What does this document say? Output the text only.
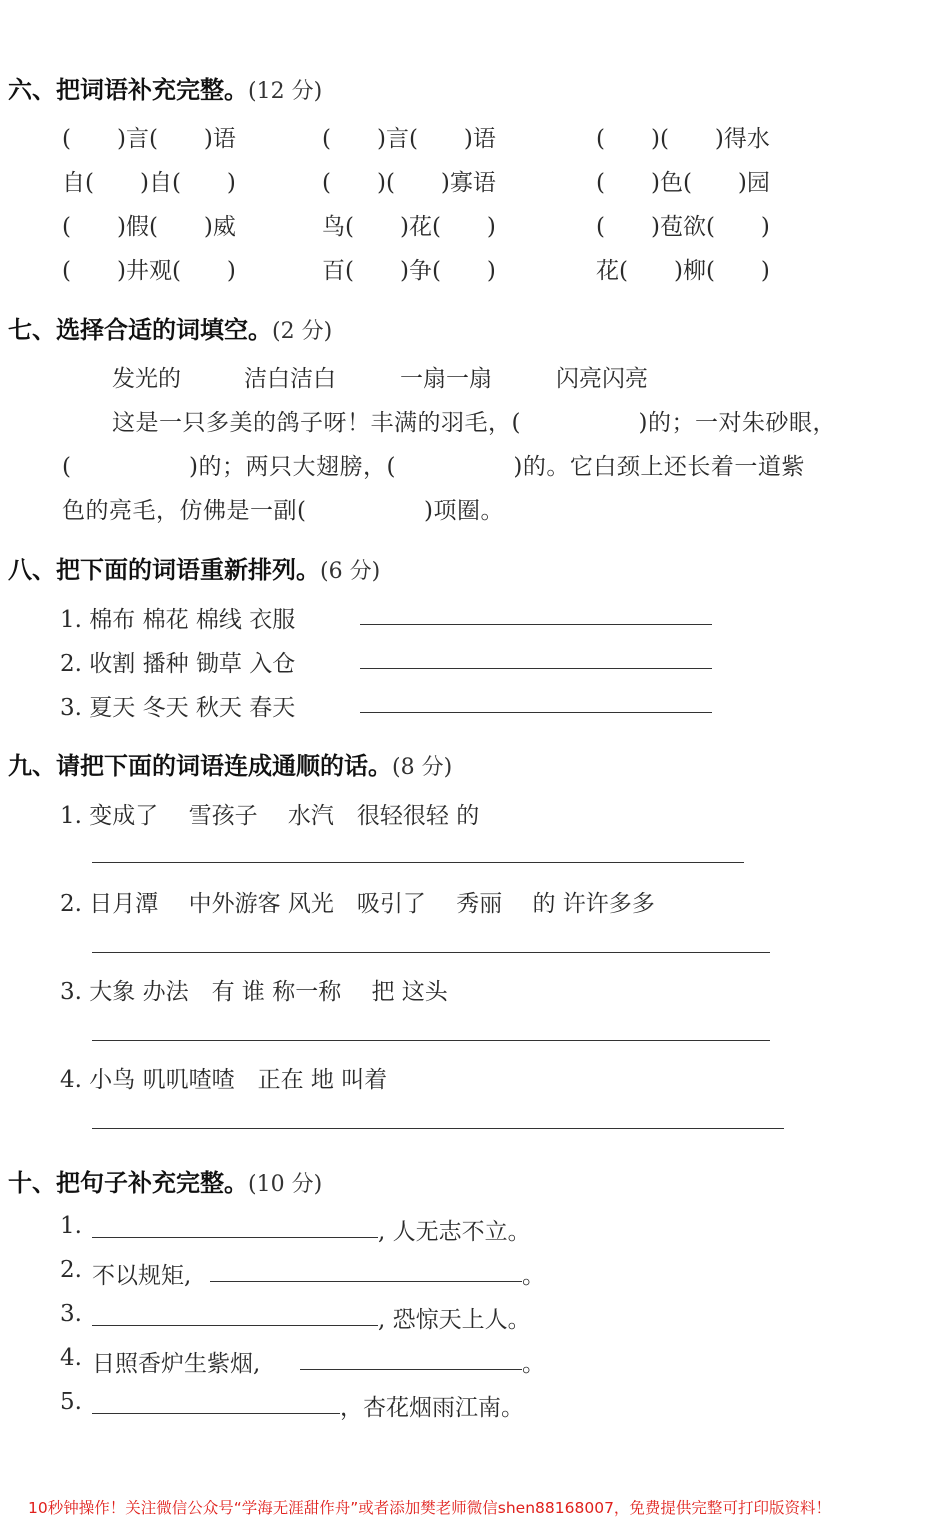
六、把词语补充完整。(12 分)
(　　)言(　　)语	(　　)言(　　)语	(　　)(　　)得水
自(　　)自(　　)	(　　)(　　)寡语	(　　)色(　　)园
(　　)假(　　)威	鸟(　　)花(　　)	(　　)苞欲(　　)
(　　)井观(　　)	百(　　)争(　　)	花(　　)柳(　　)
七、选择合适的词填空。(2 分)
发光的	洁白洁白	一扇一扇	闪亮闪亮
这是一只多美的鸽子呀！丰满的羽毛，(　　　　　)的；一对朱砂眼，
(　　　　　)的；两只大翅膀，(　　　　　)的。它白颈上还长着一道紫
色的亮毛，仿佛是一副(　　　　　)项圈。
八、把下面的词语重新排列。(6 分)
1. 棉布 棉花 棉线 衣服
2. 收割 播种 锄草 入仓
3. 夏天 冬天 秋天 春天
九、请把下面的词语连成通顺的话。(8 分)
1. 变成了　 雪孩子　 水汽　很轻很轻 的
2. 日月潭　 中外游客 风光　吸引了　 秀丽　 的 许许多多
3. 大象 办法　有 谁 称一称　 把 这头
4. 小鸟 叽叽喳喳　正在 地 叫着
十、把句子补充完整。(10 分)
1.	, 人无志不立。
2. 不以规矩,	。
3.	, 恐惊天上人。
4. 日照香炉生紫烟,	。
5.	，杏花烟雨江南。
10秒钟操作！关注微信公众号“学海无涯甜作舟”或者添加樊老师微信shen88168007，免费提供完整可打印版资料！
